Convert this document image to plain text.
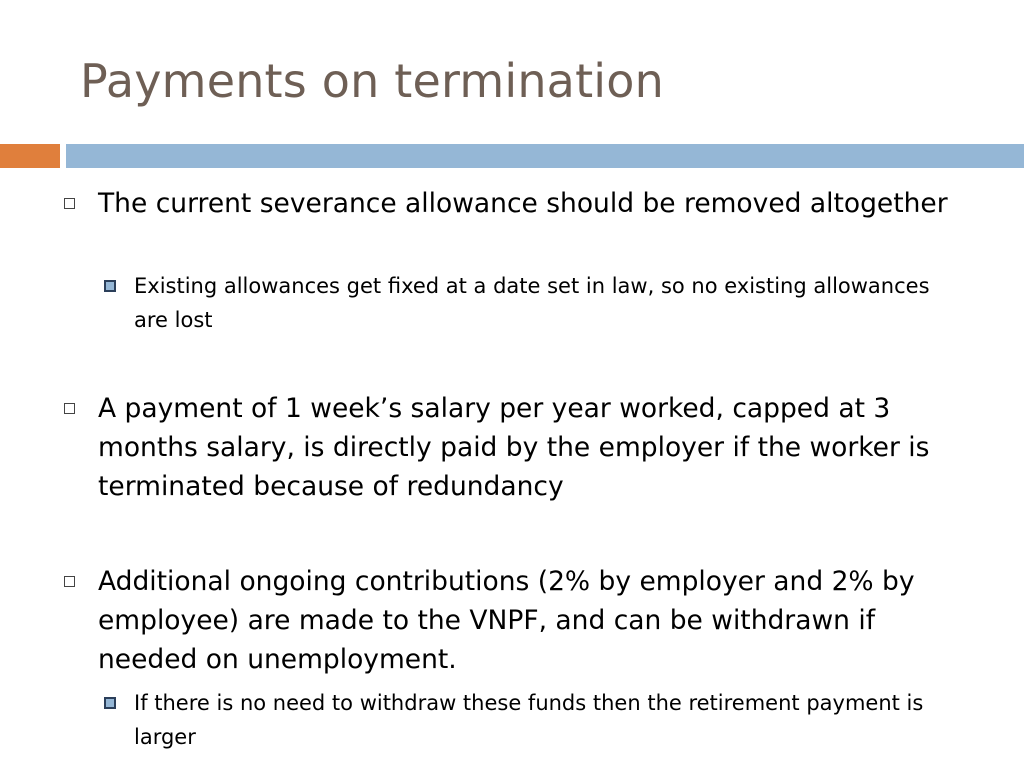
Payments on termination
The current severance allowance should be removed altogether
Existing allowances get fixed at a date set in law, so no existing allowances are lost
A payment of 1 week’s salary per year worked, capped at 3 months salary, is directly paid by the employer if the worker is terminated because of redundancy
Additional ongoing contributions (2% by employer and 2% by employee) are made to the VNPF, and can be withdrawn if needed on unemployment.
If there is no need to withdraw these funds then the retirement payment is larger
